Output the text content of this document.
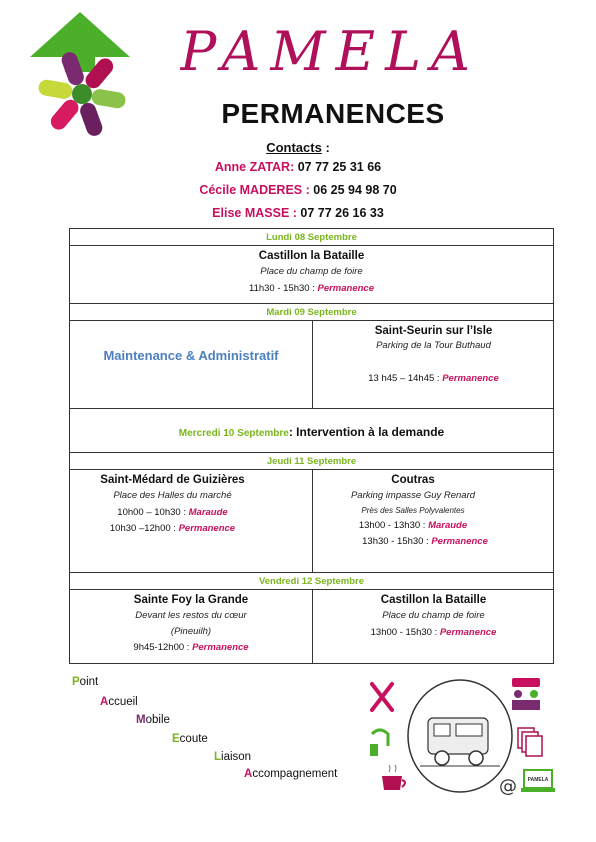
PAMELA
PERMANENCES
Contacts :
Anne ZATAR: 07 77 25 31 66
Cécile MADERES : 06 25 94 98 70
Elise MASSE : 07 77 26 16 33
Lundi 08 Septembre
Castillon la Bataille
Place du champ de foire
11h30 - 15h30 : Permanence
Mardi 09 Septembre
Maintenance & Administratif
Saint-Seurin sur l’Isle
Parking de la Tour Buthaud
13 h45 – 14h45 : Permanence
Mercredi 10 Septembre: Intervention à la demande
Jeudi 11 Septembre
Saint-Médard de Guizières
Place des Halles du marché
10h00 – 10h30 : Maraude
10h30 –12h00 : Permanence
Coutras
Parking impasse Guy Renard
Près des Salles Polyvalentes
13h00 - 13h30 : Maraude
13h30 - 15h30 : Permanence
Vendredi 12 Septembre
Sainte Foy la Grande
Devant les restos du cœur
(Pineuilh)
9h45-12h00 : Permanence
Castillon la Bataille
Place du champ de foire
13h00 - 15h30 : Permanence
Point
Accueil
Mobile
Ecoute
Liaison
Accompagnement
@ PAMELA
